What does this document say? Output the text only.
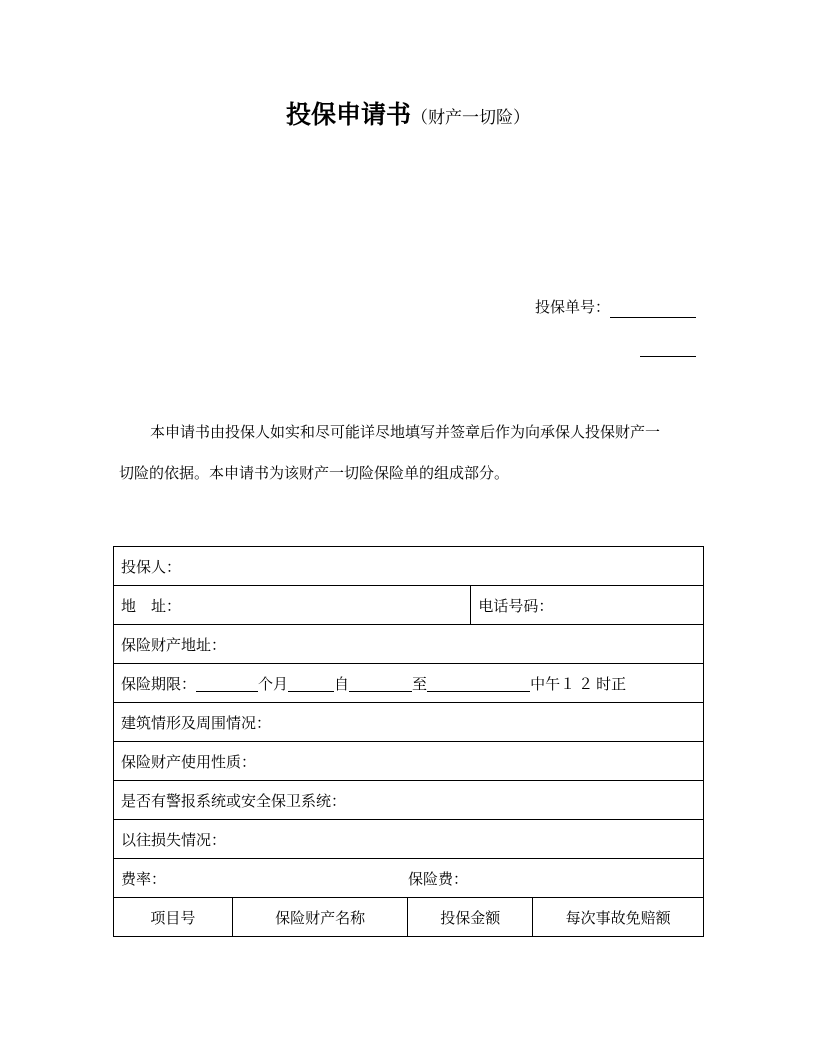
投保申请书（财产一切险）
投保单号：
本申请书由投保人如实和尽可能详尽地填写并签章后作为向承保人投保财产一
切险的依据。本申请书为该财产一切险保险单的组成部分。
投保人：				
地　址：			电话号码：	
保险财产地址：				
保险期限： 个月 自 至 中午１２时正				
建筑情形及周围情况：				
保险财产使用性质：				
是否有警报系统或安全保卫系统：				
以往损失情况：				
费率： 保险费：				
项目号	保险财产名称	投保金额		每次事故免赔额
